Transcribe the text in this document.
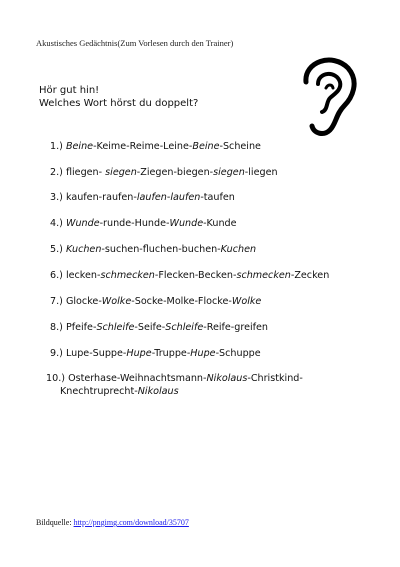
Akustisches Gedächtnis(Zum Vorlesen durch den Trainer)
Hör gut hin!
Welches Wort hörst du doppelt?
1.) Beine-Keime-Reime-Leine-Beine-Scheine
2.) fliegen- siegen-Ziegen-biegen-siegen-liegen
3.) kaufen-raufen-laufen-laufen-taufen
4.) Wunde-runde-Hunde-Wunde-Kunde
5.) Kuchen-suchen-fluchen-buchen-Kuchen
6.) lecken-schmecken-Flecken-Becken-schmecken-Zecken
7.) Glocke-Wolke-Socke-Molke-Flocke-Wolke
8.) Pfeife-Schleife-Seife-Schleife-Reife-greifen
9.) Lupe-Suppe-Hupe-Truppe-Hupe-Schuppe
10.) Osterhase-Weihnachtsmann-Nikolaus-Christkind-
Knechtruprecht-Nikolaus
Bildquelle: http://pngimg.com/download/35707
